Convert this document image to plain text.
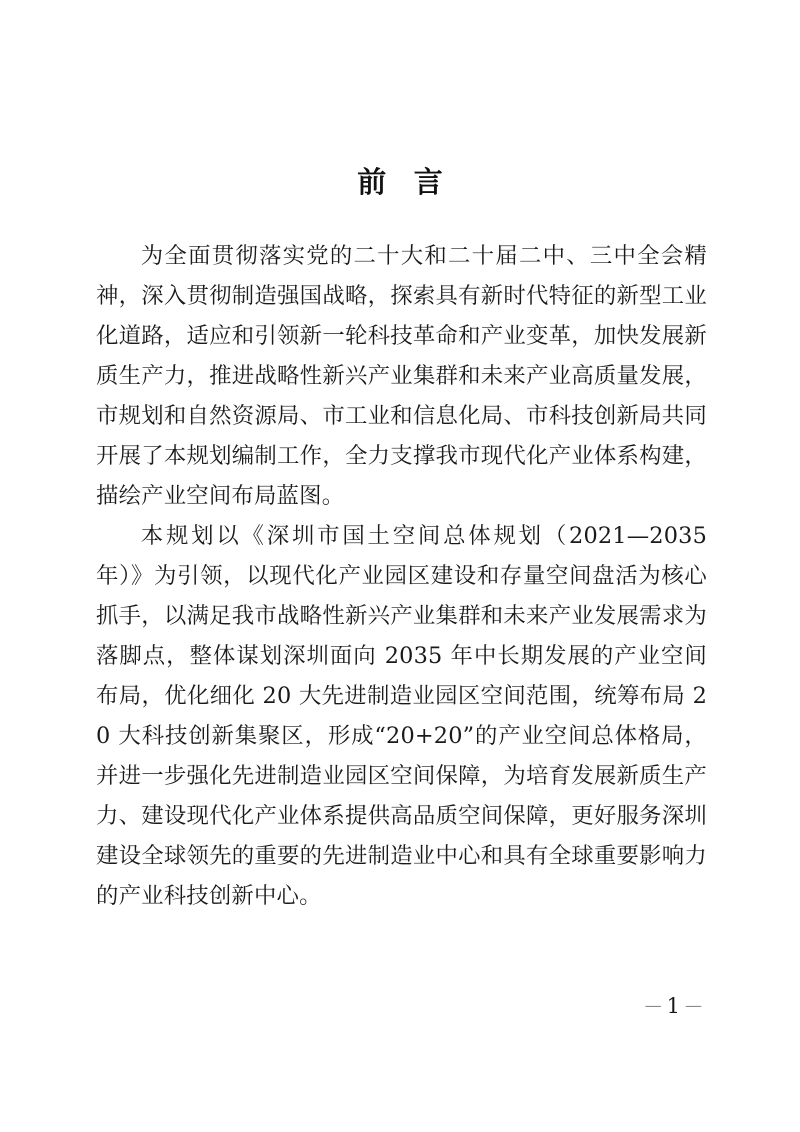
前 言

为全面贯彻落实党的二十大和二十届二中、三中全会精神，深入贯彻制造强国战略，探索具有新时代特征的新型工业化道路，适应和引领新一轮科技革命和产业变革，加快发展新质生产力，推进战略性新兴产业集群和未来产业高质量发展，市规划和自然资源局、市工业和信息化局、市科技创新局共同开展了本规划编制工作，全力支撑我市现代化产业体系构建，描绘产业空间布局蓝图。

本规划以《深圳市国土空间总体规划（2021—2035 年）》为引领，以现代化产业园区建设和存量空间盘活为核心抓手，以满足我市战略性新兴产业集群和未来产业发展需求为落脚点，整体谋划深圳面向 2035 年中长期发展的产业空间布局，优化细化 20 大先进制造业园区空间范围，统筹布局 20 大科技创新集聚区，形成“20+20”的产业空间总体格局，并进一步强化先进制造业园区空间保障，为培育发展新质生产力、建设现代化产业体系提供高品质空间保障，更好服务深圳建设全球领先的重要的先进制造业中心和具有全球重要影响力的产业科技创新中心。

— 1 —
